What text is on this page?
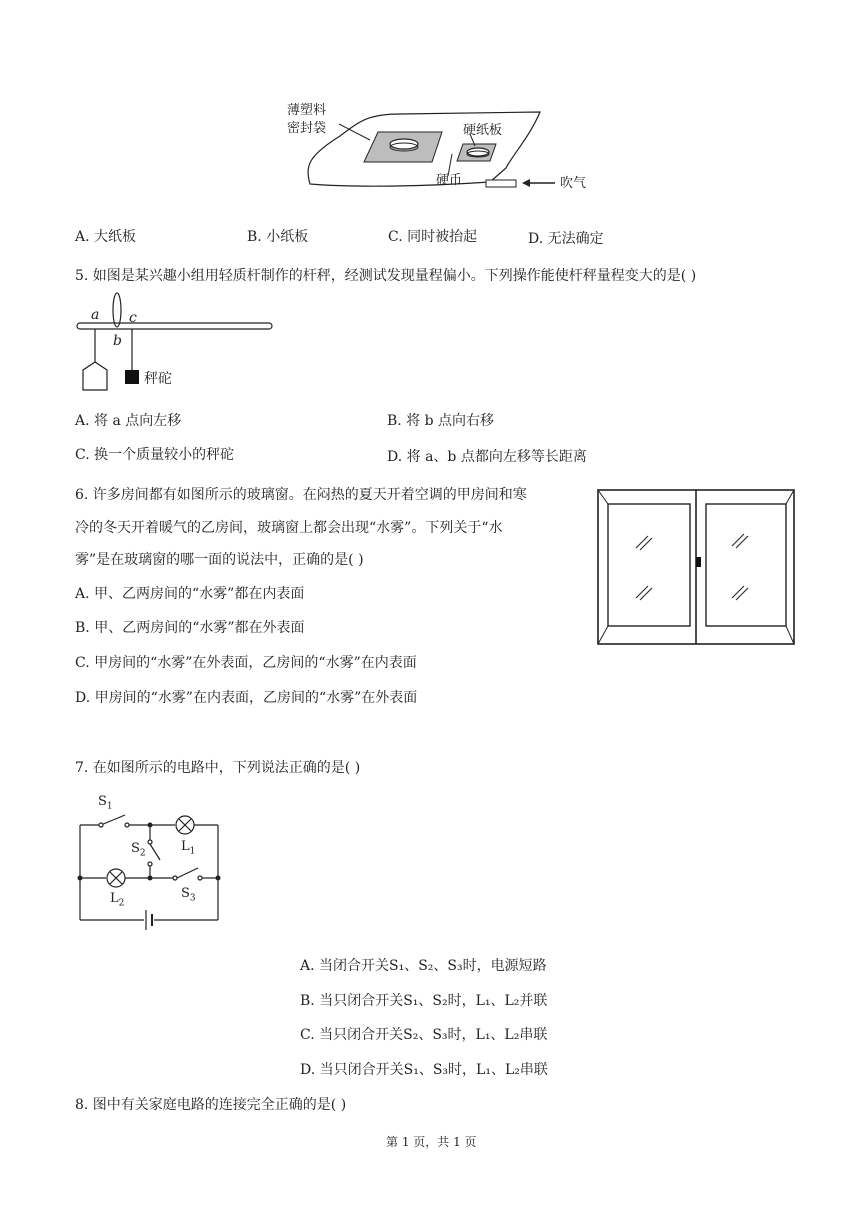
薄塑料
密封袋	硬纸板
硬币	吹气
A. 大纸板	B. 小纸板	C. 同时被抬起	D. 无法确定
5. 如图是某兴趣小组用轻质杆制作的杆秤，经测试发现量程偏小。下列操作能使杆秤量程变大的是( )
a
b
c
秤砣
A. 将 a 点向左移	B. 将 b 点向右移
C. 换一个质量较小的秤砣	D. 将 a、b 点都向左移等长距离
6. 许多房间都有如图所示的玻璃窗。在闷热的夏天开着空调的甲房间和寒
冷的冬天开着暖气的乙房间，玻璃窗上都会出现“水雾”。下列关于“水
雾”是在玻璃窗的哪一面的说法中，正确的是( )
A. 甲、乙两房间的“水雾”都在内表面
B. 甲、乙两房间的“水雾”都在外表面
C. 甲房间的“水雾”在外表面，乙房间的“水雾”在内表面
D. 甲房间的“水雾”在内表面，乙房间的“水雾”在外表面
7. 在如图所示的电路中，下列说法正确的是( )
$S_1$
$S_2$	$L_1$
$L_2$
$S_3$
A. 当闭合开关S₁、S₂、S₃时，电源短路
B. 当只闭合开关S₁、S₂时，L₁、L₂并联
C. 当只闭合开关S₂、S₃时，L₁、L₂串联
D. 当只闭合开关S₁、S₃时，L₁、L₂串联
8. 图中有关家庭电路的连接完全正确的是( )
第 1 页，共 1 页
